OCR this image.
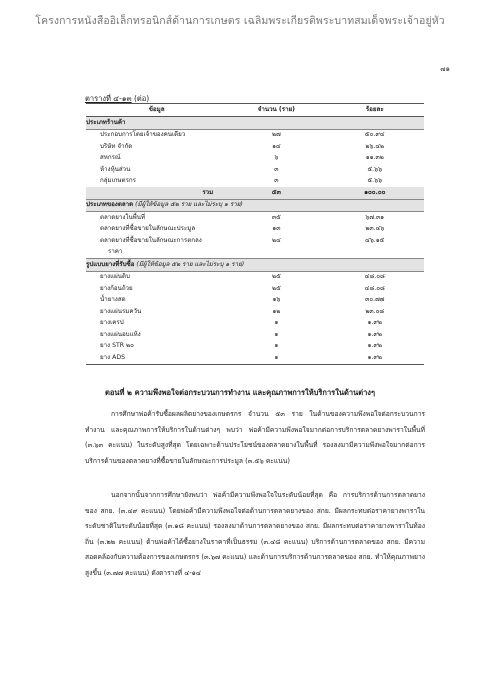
โครงการหนังสืออิเล็กทรอนิกส์ด้านการเกษตร เฉลิมพระเกียรติพระบาทสมเด็จพระเจ้าอยู่หัว
๗๑
ตารางที่ ๔-๑๓ (ต่อ)
ข้อมูล	จำนวน (ราย)	ร้อยละ
ประเภทร้านค้า		
ประกอบการโดยเจ้าของคนเดียว	๒๗	๕๐.๙๔
บริษัท จำกัด	๑๔	๒๖.๔๒
สหกรณ์	๖	๑๑.๓๒
ห้างหุ้นส่วน	๓	๕.๖๖
กลุ่มเกษตรกร	๓	๕.๖๖
รวม	๕๓	๑๐๐.๐๐
ประเภทของตลาด (มีผู้ให้ข้อมูล ๕๒ ราย และไม่ระบุ ๑ ราย)		
ตลาดยางในพื้นที่	๓๕	๖๗.๓๑
ตลาดยางที่ซื้อขายในลักษณะประมูล	๑๓	๒๓.๔๖
ตลาดยางที่ซื้อขายในลักษณะการตกลง	๒๔	๔๖.๑๕
ราคา		
รูปแบบยางที่รับซื้อ (มีผู้ให้ข้อมูล ๕๒ ราย และไม่ระบุ ๑ ราย)		
ยางแผ่นดิบ	๒๕	๔๘.๐๘
ยางก้อนถ้วย	๒๕	๔๘.๐๘
น้ำยางสด	๑๖	๓๐.๗๗
ยางแผ่นรมควัน	๑๒	๒๓.๐๘
ยางเครป	๑	๑.๙๒
ยางแผ่นอบแห้ง	๑	๑.๙๒
ยาง STR ๒๐	๑	๑.๙๒
ยาง ADS	๑	๑.๙๒
ตอนที่ ๒ ความพึงพอใจต่อกระบวนการทำงาน และคุณภาพการให้บริการในด้านต่างๆ
การศึกษาพ่อค้ารับซื้อผลผลิตยางของเกษตรกร จำนวน ๕๓ ราย ในด้านของความพึงพอใจต่อกระบวนการทำงาน และคุณภาพการให้บริการในด้านต่างๆ พบว่า พ่อค้ามีความพึงพอใจมากต่อการบริการตลาดยางพาราในพื้นที่ (๓.๖๓ คะแนน) ในระดับสูงที่สุด โดยเฉพาะด้านประโยชน์ของตลาดยางในพื้นที่ รองลงมามีความพึงพอใจมากต่อการบริการด้านของตลาดยางที่ซื้อขายในลักษณะการประมูล (๓.๕๖ คะแนน)
นอกจากนั้นจากการศึกษายังพบว่า พ่อค้ามีความพึงพอใจในระดับน้อยที่สุด คือ การบริการด้านการตลาดยางของ สกย. (๓.๔๙ คะแนน) โดยพ่อค้ามีความพึงพอใจต่อด้านการตลาดยางของ สกย. มีผลกระทบต่อราคายางพาราในระดับชาติในระดับน้อยที่สุด (๓.๑๘ คะแนน) รองลงมาด้านการตลาดยางของ สกย. มีผลกระทบต่อราคายางพาราในท้องถิ่น (๓.๒๒ คะแนน) ด้านพ่อค้าได้ซื้อยางในราคาที่เป็นธรรม (๓.๔๘ คะแนน) บริการด้านการตลาดของ สกย. มีความสอดคล้องกับความต้องการของเกษตรกร (๓.๖๗ คะแนน) และด้านการบริการด้านการตลาดของ สกย. ทำให้คุณภาพยางสูงขึ้น (๓.๗๗ คะแนน) ดังตารางที่ ๔-๑๔
